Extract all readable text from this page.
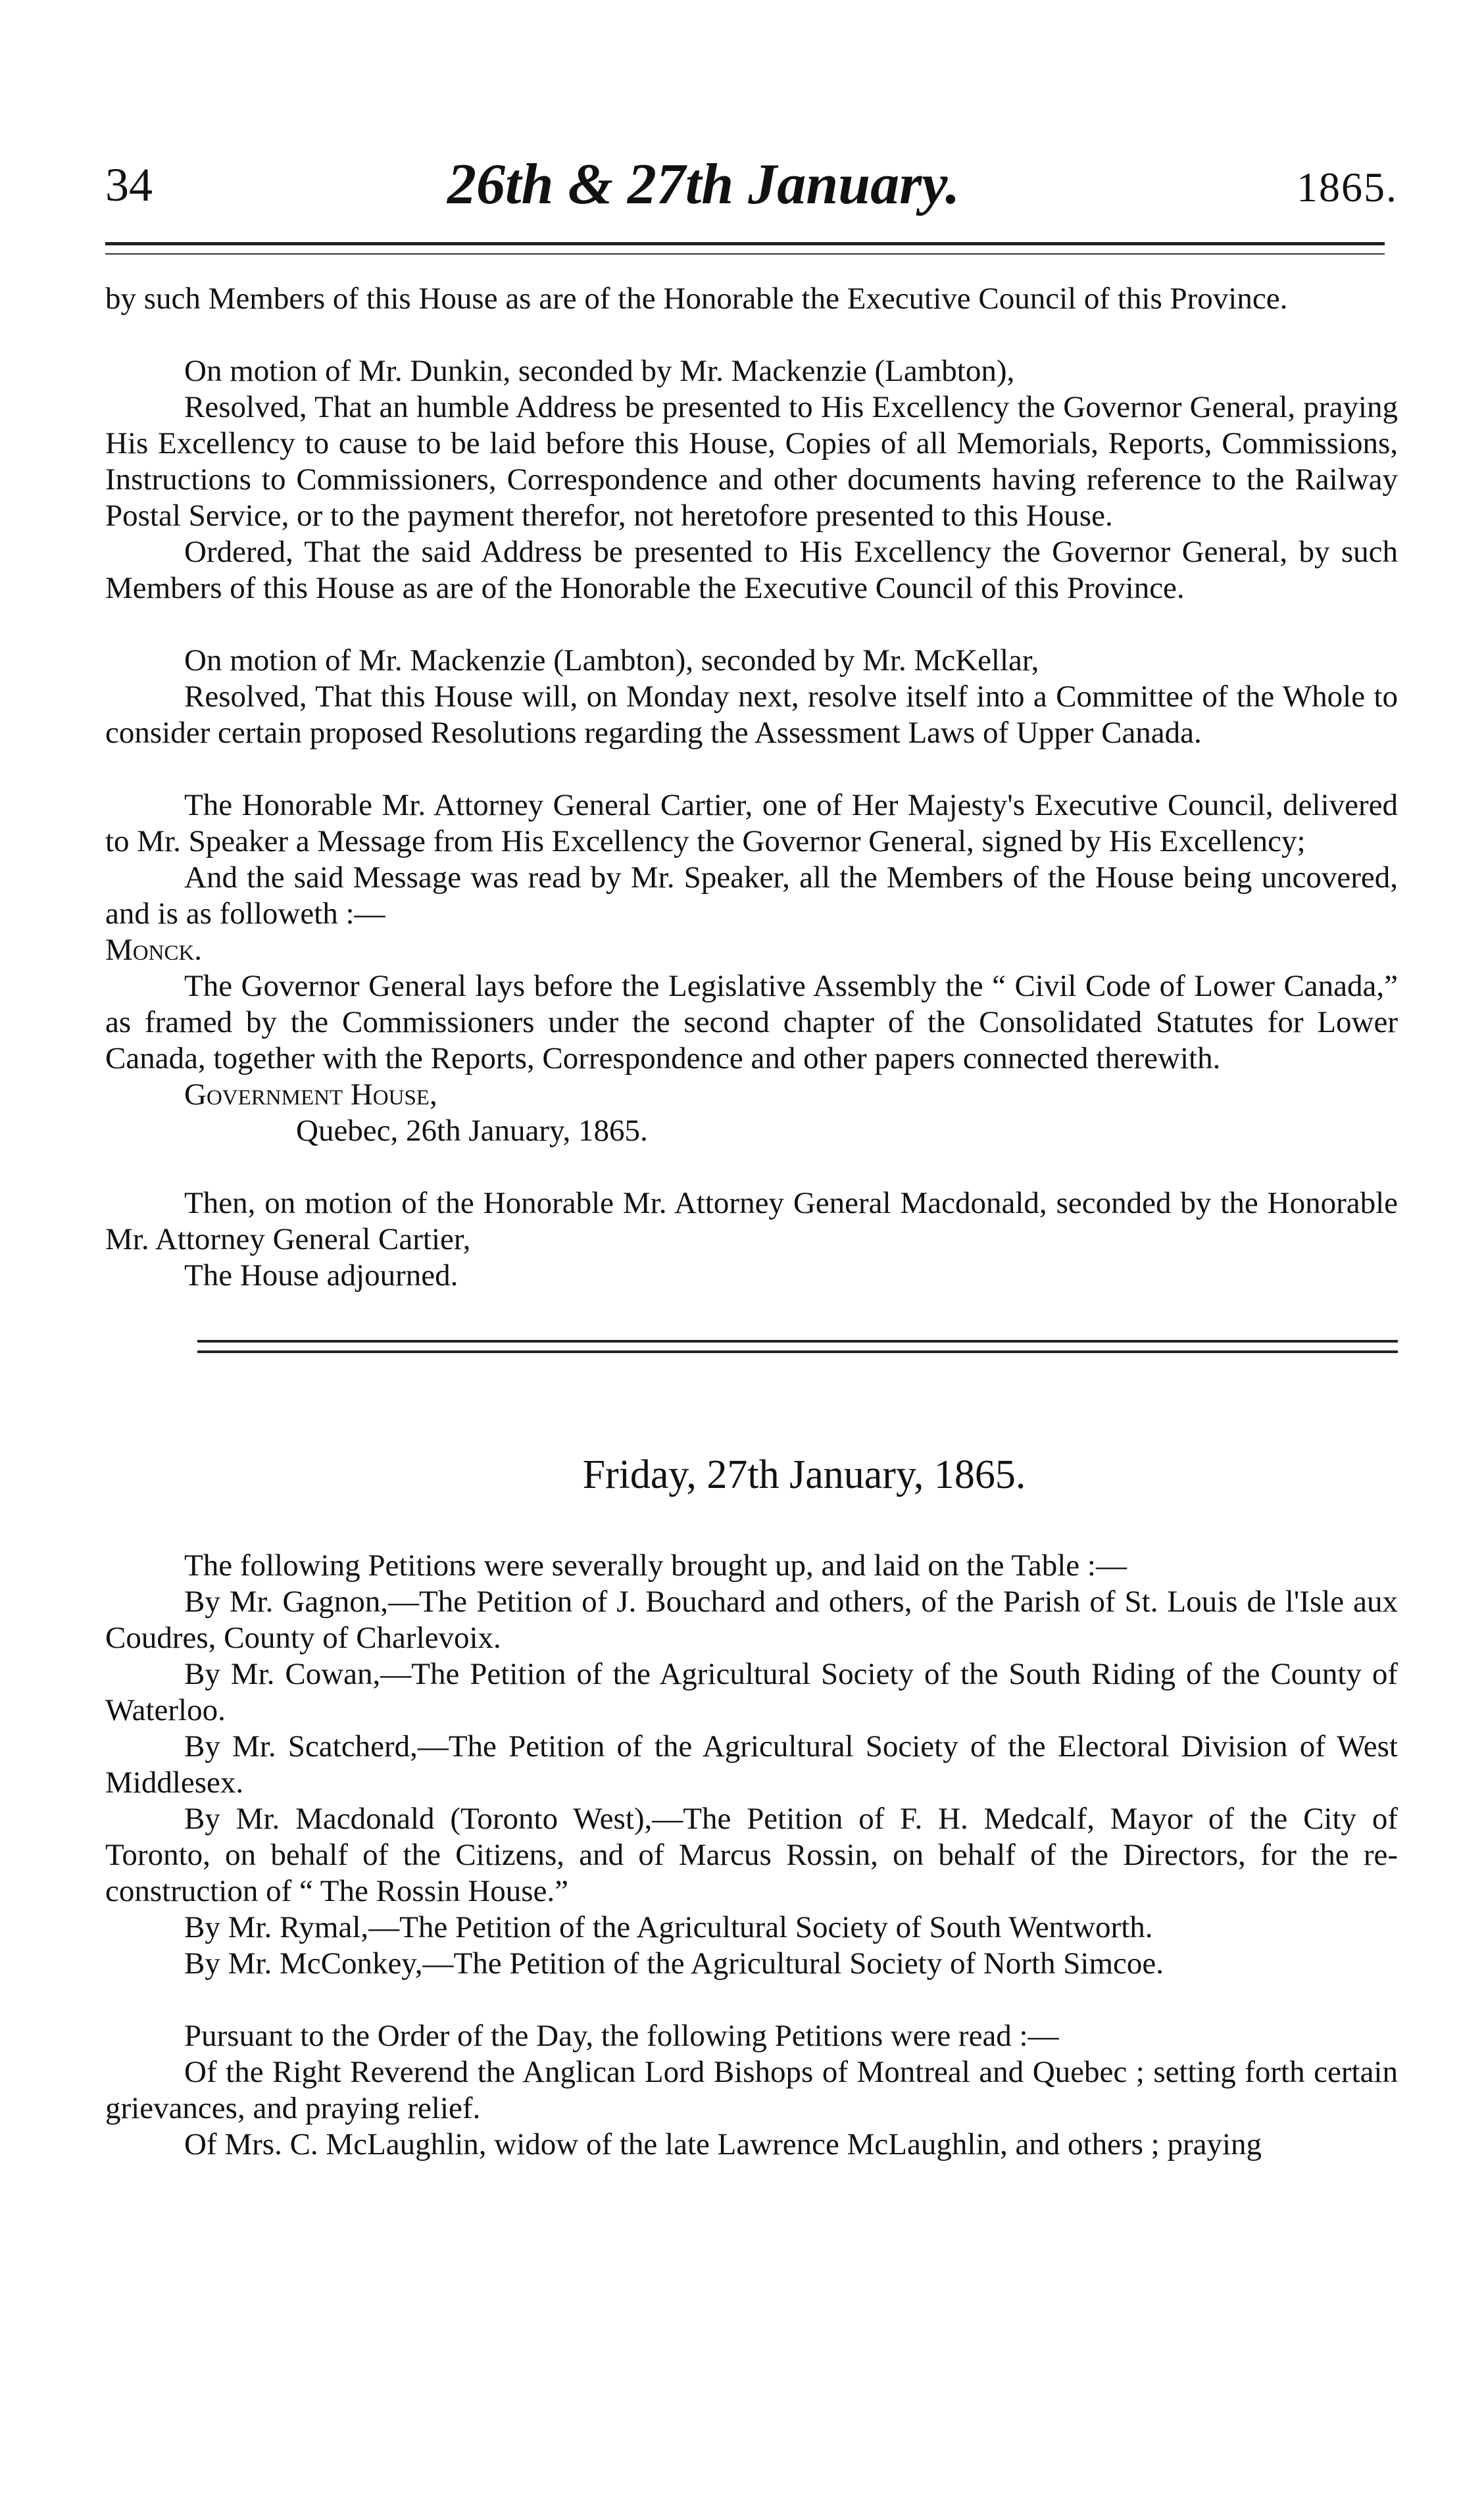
34	26th & 27th January.	1865.

by such Members of this House as are of the Honorable the Executive Council of this Province.

On motion of Mr. Dunkin, seconded by Mr. Mackenzie (Lambton),

Resolved, That an humble Address be presented to His Excellency the Governor General, praying His Excellency to cause to be laid before this House, Copies of all Memorials, Reports, Commissions, Instructions to Commissioners, Correspondence and other documents having reference to the Railway Postal Service, or to the payment therefor, not heretofore presented to this House.

Ordered, That the said Address be presented to His Excellency the Governor General, by such Members of this House as are of the Honorable the Executive Council of this Province.

On motion of Mr. Mackenzie (Lambton), seconded by Mr. McKellar,

Resolved, That this House will, on Monday next, resolve itself into a Committee of the Whole to consider certain proposed Resolutions regarding the Assessment Laws of Upper Canada.

The Honorable Mr. Attorney General Cartier, one of Her Majesty's Executive Council, delivered to Mr. Speaker a Message from His Excellency the Governor General, signed by His Excellency;

And the said Message was read by Mr. Speaker, all the Members of the House being uncovered, and is as followeth :—

Monck.

The Governor General lays before the Legislative Assembly the “ Civil Code of Lower Canada,” as framed by the Commissioners under the second chapter of the Consolidated Statutes for Lower Canada, together with the Reports, Correspondence and other papers connected therewith.

Government House,

Quebec, 26th January, 1865.

Then, on motion of the Honorable Mr. Attorney General Macdonald, seconded by the Honorable Mr. Attorney General Cartier,

The House adjourned.

Friday, 27th January, 1865.

The following Petitions were severally brought up, and laid on the Table :—

By Mr. Gagnon,—The Petition of J. Bouchard and others, of the Parish of St. Louis de l'Isle aux Coudres, County of Charlevoix.

By Mr. Cowan,—The Petition of the Agricultural Society of the South Riding of the County of Waterloo.

By Mr. Scatcherd,—The Petition of the Agricultural Society of the Electoral Division of West Middlesex.

By Mr. Macdonald (Toronto West),—The Petition of F. H. Medcalf, Mayor of the City of Toronto, on behalf of the Citizens, and of Marcus Rossin, on behalf of the Directors, for the re-construction of “ The Rossin House.”

By Mr. Rymal,—The Petition of the Agricultural Society of South Wentworth.

By Mr. McConkey,—The Petition of the Agricultural Society of North Simcoe.

Pursuant to the Order of the Day, the following Petitions were read :—

Of the Right Reverend the Anglican Lord Bishops of Montreal and Quebec ; setting forth certain grievances, and praying relief.

Of Mrs. C. McLaughlin, widow of the late Lawrence McLaughlin, and others ; praying
